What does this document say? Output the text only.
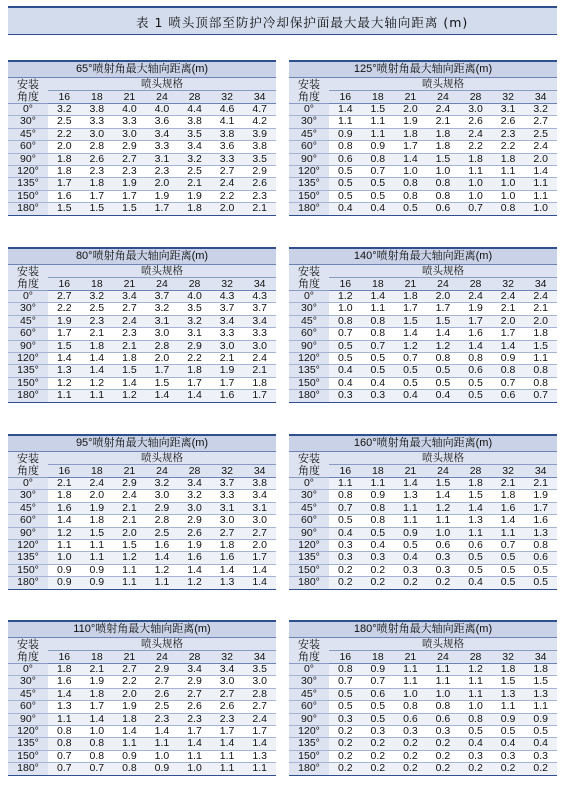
表 1 喷头顶部至防护冷却保护面最大最大轴向距离 (m)
65°喷射角最大轴向距离(m)							
安装
角度	喷头规格						
	16	18	21	24	28	32	34
0°	3.2	3.8	4.0	4.0	4.4	4.6	4.7
30°	2.5	3.3	3.3	3.6	3.8	4.1	4.2
45°	2.2	3.0	3.0	3.4	3.5	3.8	3.9
60°	2.0	2.8	2.9	3.3	3.4	3.6	3.8
90°	1.8	2.6	2.7	3.1	3.2	3.3	3.5
120°	1.8	2.3	2.3	2.3	2.5	2.7	2.9
135°	1.7	1.8	1.9	2.0	2.1	2.4	2.6
150°	1.6	1.7	1.7	1.9	1.9	2.2	2.3
180°	1.5	1.5	1.5	1.7	1.8	2.0	2.1
125°喷射角最大轴向距离(m)							
安装
角度	喷头规格						
	16	18	21	24	28	32	34
0°	1.4	1.5	2.0	2.4	3.0	3.1	3.2
30°	1.1	1.1	1.9	2.1	2.6	2.6	2.7
45°	0.9	1.1	1.8	1.8	2.4	2.3	2.5
60°	0.8	0.9	1.7	1.8	2.2	2.2	2.4
90°	0.6	0.8	1.4	1.5	1.8	1.8	2.0
120°	0.5	0.7	1.0	1.0	1.1	1.1	1.4
135°	0.5	0.5	0.8	0.8	1.0	1.0	1.1
150°	0.5	0.5	0.8	0.8	1.0	1.0	1.1
180°	0.4	0.4	0.5	0.6	0.7	0.8	1.0
80°喷射角最大轴向距离(m)							
安装
角度	喷头规格						
	16	18	21	24	28	32	34
0°	2.7	3.2	3.4	3.7	4.0	4.3	4.3
30°	2.2	2.5	2.7	3.2	3.5	3.7	3.7
45°	1.9	2.3	2.4	3.1	3.2	3.4	3.4
60°	1.7	2.1	2.3	3.0	3.1	3.3	3.3
90°	1.5	1.8	2.1	2.8	2.9	3.0	3.0
120°	1.4	1.4	1.8	2.0	2.2	2.1	2.4
135°	1.3	1.4	1.5	1.7	1.8	1.9	2.1
150°	1.2	1.2	1.4	1.5	1.7	1.7	1.8
180°	1.1	1.1	1.2	1.4	1.4	1.6	1.7
140°喷射角最大轴向距离(m)							
安装
角度	喷头规格						
	16	18	21	24	28	32	34
0°	1.2	1.4	1.8	2.0	2.4	2.4	2.4
30°	1.0	1.1	1.7	1.7	1.9	2.1	2.1
45°	0.8	0.8	1.5	1.5	1.7	2.0	2.0
60°	0.7	0.8	1.4	1.4	1.6	1.7	1.8
90°	0.5	0.7	1.2	1.2	1.4	1.4	1.5
120°	0.5	0.5	0.7	0.8	0.8	0.9	1.1
135°	0.4	0.5	0.5	0.5	0.6	0.8	0.8
150°	0.4	0.4	0.5	0.5	0.5	0.7	0.8
180°	0.3	0.3	0.4	0.4	0.5	0.6	0.7
95°喷射角最大轴向距离(m)							
安装
角度	喷头规格						
	16	18	21	24	28	32	34
0°	2.1	2.4	2.9	3.2	3.4	3.7	3.8
30°	1.8	2.0	2.4	3.0	3.2	3.3	3.4
45°	1.6	1.9	2.1	2.9	3.0	3.1	3.1
60°	1.4	1.8	2.1	2.8	2.9	3.0	3.0
90°	1.2	1.5	2.0	2.5	2.6	2.7	2.7
120°	1.1	1.1	1.5	1.6	1.9	1.8	2.0
135°	1.0	1.1	1.2	1.4	1.6	1.6	1.7
150°	0.9	0.9	1.1	1.2	1.4	1.4	1.4
180°	0.9	0.9	1.1	1.1	1.2	1.3	1.4
160°喷射角最大轴向距离(m)							
安装
角度	喷头规格						
	16	18	21	24	28	32	34
0°	1.1	1.1	1.4	1.5	1.8	2.1	2.1
30°	0.8	0.9	1.3	1.4	1.5	1.8	1.9
45°	0.7	0.8	1.1	1.2	1.4	1.6	1.7
60°	0.5	0.8	1.1	1.1	1.3	1.4	1.6
90°	0.4	0.5	0.9	1.0	1.1	1.1	1.3
120°	0.3	0.4	0.5	0.6	0.6	0.7	0.8
135°	0.3	0.3	0.4	0.3	0.5	0.5	0.6
150°	0.2	0.2	0.3	0.3	0.5	0.5	0.5
180°	0.2	0.2	0.2	0.2	0.4	0.5	0.5
110°喷射角最大轴向距离(m)							
安装
角度	喷头规格						
	16	18	21	24	28	32	34
0°	1.8	2.1	2.7	2.9	3.4	3.4	3.5
30°	1.6	1.9	2.2	2.7	2.9	3.0	3.0
45°	1.4	1.8	2.0	2.6	2.7	2.7	2.8
60°	1.3	1.7	1.9	2.5	2.6	2.6	2.7
90°	1.1	1.4	1.8	2.3	2.3	2.3	2.4
120°	0.8	1.0	1.4	1.4	1.7	1.7	1.7
135°	0.8	0.8	1.1	1.1	1.4	1.4	1.4
150°	0.7	0.8	0.9	1.0	1.1	1.1	1.3
180°	0.7	0.7	0.8	0.9	1.0	1.1	1.1
180°喷射角最大轴向距离(m)							
安装
角度	喷头规格						
	16	18	21	24	28	32	34
0°	0.8	0.9	1.1	1.1	1.2	1.8	1.8
30°	0.7	0.7	1.1	1.1	1.1	1.5	1.5
45°	0.5	0.6	1.0	1.0	1.1	1.3	1.3
60°	0.5	0.5	0.8	0.8	1.0	1.1	1.1
90°	0.3	0.5	0.6	0.6	0.8	0.9	0.9
120°	0.2	0.3	0.3	0.3	0.5	0.5	0.5
135°	0.2	0.2	0.2	0.2	0.4	0.4	0.4
150°	0.2	0.2	0.2	0.2	0.3	0.3	0.3
180°	0.2	0.2	0.2	0.2	0.2	0.2	0.2
